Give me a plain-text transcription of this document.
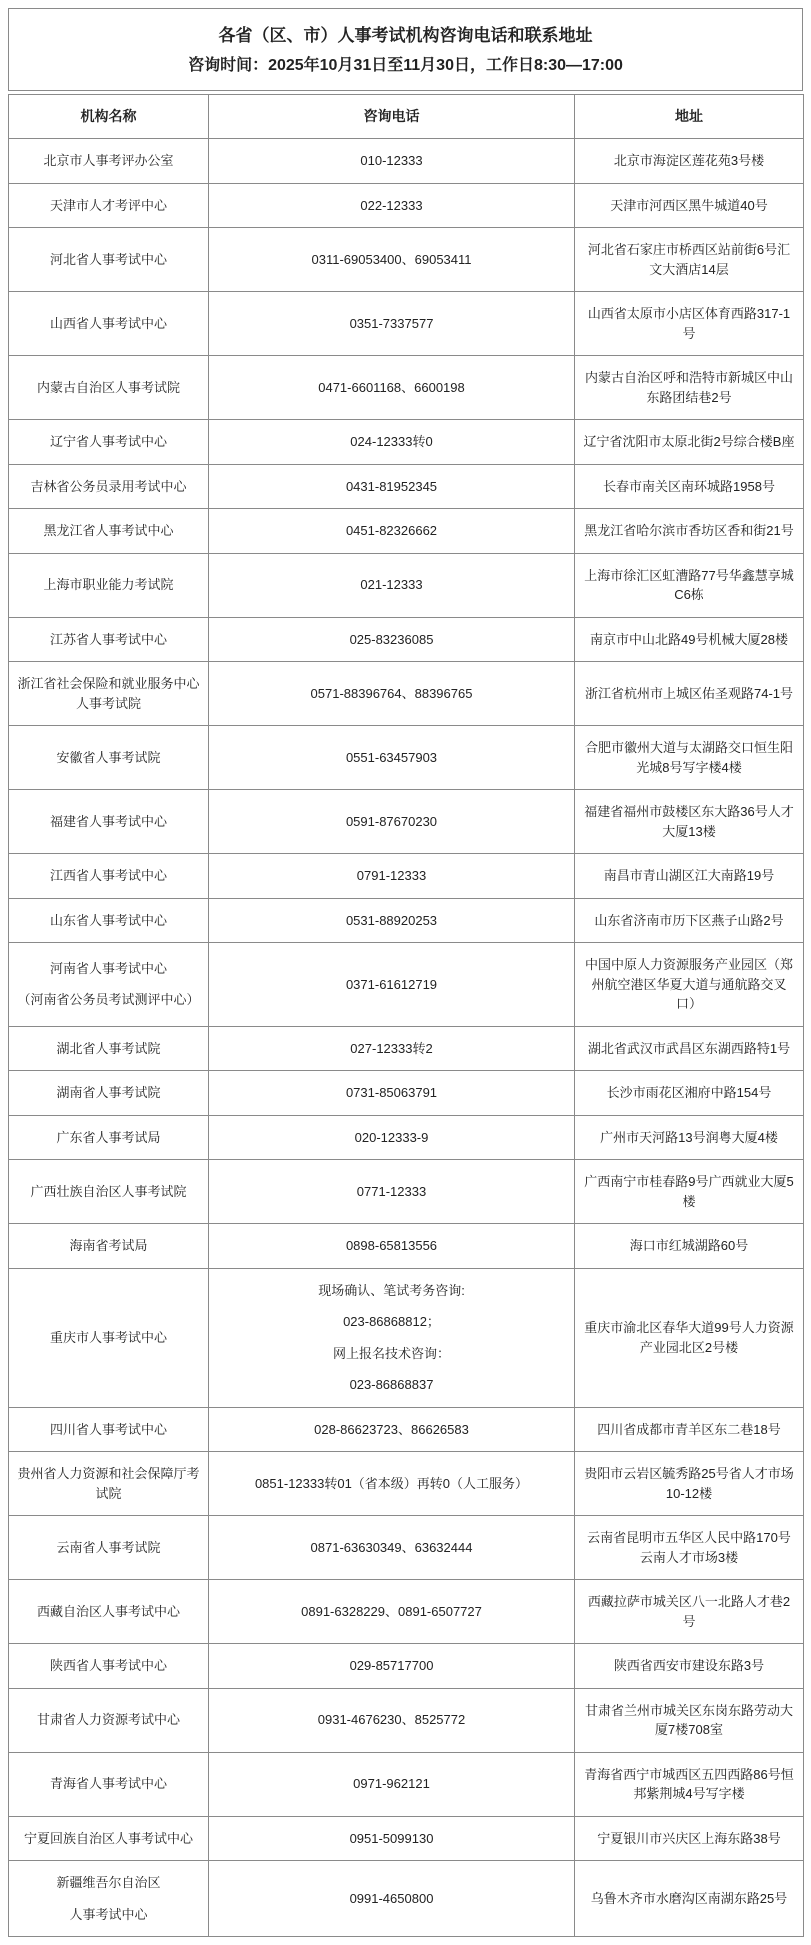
各省（区、市）人事考试机构咨询电话和联系地址
咨询时间：2025年10月31日至11月30日，工作日8:30—17:00
机构名称	咨询电话	地址

北京市人事考评办公室	010-12333	北京市海淀区莲花苑3号楼

天津市人才考评中心	022-12333	天津市河西区黑牛城道40号

河北省人事考试中心	0311-69053400、69053411	河北省石家庄市桥西区站前街6号汇文大酒店14层

山西省人事考试中心	0351-7337577	山西省太原市小店区体育西路317-1号

内蒙古自治区人事考试院	0471-6601168、6600198	内蒙古自治区呼和浩特市新城区中山东路团结巷2号

辽宁省人事考试中心	024-12333转0	辽宁省沈阳市太原北街2号综合楼B座

吉林省公务员录用考试中心	0431-81952345	长春市南关区南环城路1958号

黑龙江省人事考试中心	0451-82326662	黑龙江省哈尔滨市香坊区香和街21号

上海市职业能力考试院	021-12333	上海市徐汇区虹漕路77号华鑫慧享城C6栋

江苏省人事考试中心	025-83236085	南京市中山北路49号机械大厦28楼

浙江省社会保险和就业服务中心人事考试院	0571-88396764、88396765	浙江省杭州市上城区佑圣观路74-1号

安徽省人事考试院	0551-63457903	合肥市徽州大道与太湖路交口恒生阳光城8号写字楼4楼

福建省人事考试中心	0591-87670230	福建省福州市鼓楼区东大路36号人才大厦13楼

江西省人事考试中心	0791-12333	南昌市青山湖区江大南路19号

山东省人事考试中心	0531-88920253	山东省济南市历下区燕子山路2号

河南省人事考试中心
（河南省公务员考试测评中心）	0371-61612719	中国中原人力资源服务产业园区（郑州航空港区华夏大道与通航路交叉口）

湖北省人事考试院	027-12333转2	湖北省武汉市武昌区东湖西路特1号

湖南省人事考试院	0731-85063791	长沙市雨花区湘府中路154号

广东省人事考试局	020-12333-9	广州市天河路13号润粤大厦4楼

广西壮族自治区人事考试院	0771-12333	广西南宁市桂春路9号广西就业大厦5楼

海南省考试局	0898-65813556	海口市红城湖路60号

重庆市人事考试中心	现场确认、笔试考务咨询:
023-86868812；
网上报名技术咨询：
023-86868837	重庆市渝北区春华大道99号人力资源产业园北区2号楼

四川省人事考试中心	028-86623723、86626583	四川省成都市青羊区东二巷18号

贵州省人力资源和社会保障厅考试院	0851-12333转01（省本级）再转0（人工服务）	贵阳市云岩区毓秀路25号省人才市场10-12楼

云南省人事考试院	0871-63630349、63632444	云南省昆明市五华区人民中路170号云南人才市场3楼

西藏自治区人事考试中心	0891-6328229、0891-6507727	西藏拉萨市城关区八一北路人才巷2号

陕西省人事考试中心	029-85717700	陕西省西安市建设东路3号

甘肃省人力资源考试中心	0931-4676230、8525772	甘肃省兰州市城关区东岗东路劳动大厦7楼708室

青海省人事考试中心	0971-962121	青海省西宁市城西区五四西路86号恒邦紫荆城4号写字楼

宁夏回族自治区人事考试中心	0951-5099130	宁夏银川市兴庆区上海东路38号

新疆维吾尔自治区
人事考试中心	0991-4650800	乌鲁木齐市水磨沟区南湖东路25号
